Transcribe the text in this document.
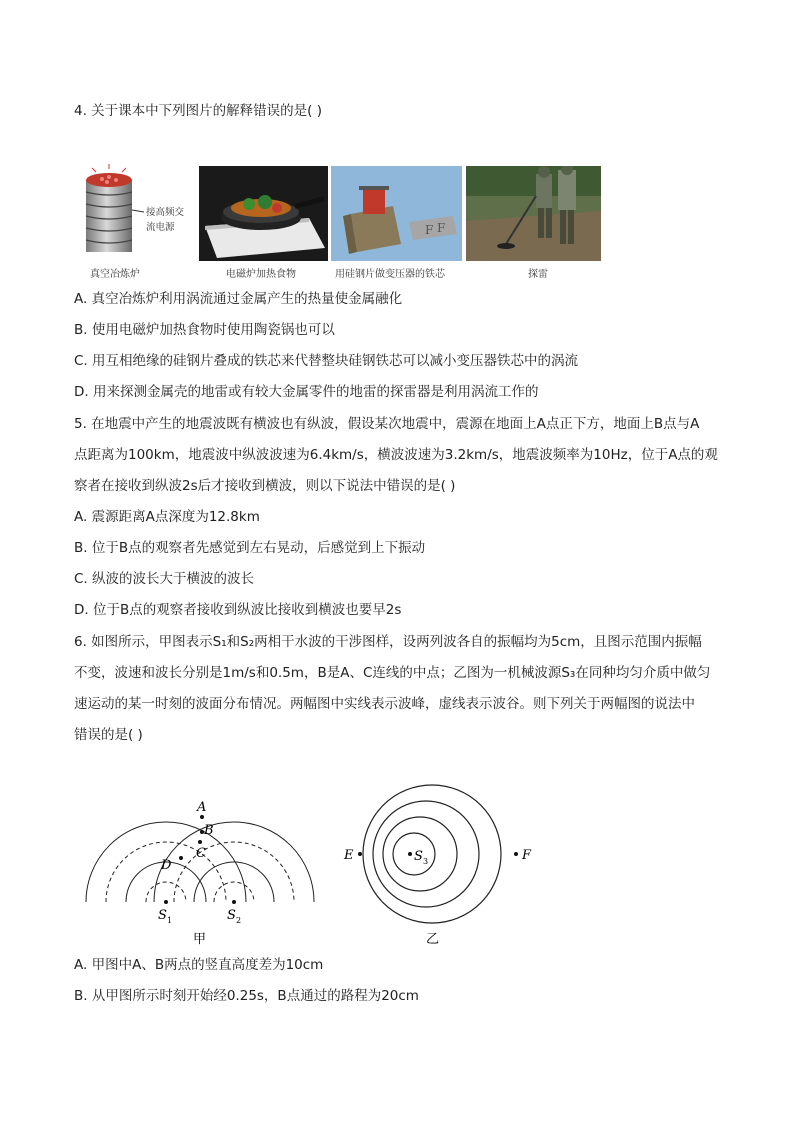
4. 关于课本中下列图片的解释错误的是( )
接高频交
流电源
真空冶炼炉	电磁炉加热食物
F F
用硅钢片做变压器的铁芯	探雷
A. 真空冶炼炉利用涡流通过金属产生的热量使金属融化
B. 使用电磁炉加热食物时使用陶瓷锅也可以
C. 用互相绝缘的硅钢片叠成的铁芯来代替整块硅钢铁芯可以减小变压器铁芯中的涡流
D. 用来探测金属壳的地雷或有较大金属零件的地雷的探雷器是利用涡流工作的
5. 在地震中产生的地震波既有横波也有纵波，假设某次地震中，震源在地面上A点正下方，地面上B点与A
点距离为100km，地震波中纵波波速为6.4km/s，横波波速为3.2km/s，地震波频率为10Hz，位于A点的观
察者在接收到纵波2s后才接收到横波，则以下说法中错误的是( )
A. 震源距离A点深度为12.8km
B. 位于B点的观察者先感觉到左右晃动，后感觉到上下振动
C. 纵波的波长大于横波的波长
D. 位于B点的观察者接收到纵波比接收到横波也要早2s
6. 如图所示，甲图表示S₁和S₂两相干水波的干涉图样，设两列波各自的振幅均为5cm，且图示范围内振幅
不变，波速和波长分别是1m/s和0.5m，B是A、C连线的中点；乙图为一机械波源S₃在同种均匀介质中做匀
速运动的某一时刻的波面分布情况。两幅图中实线表示波峰，虚线表示波谷。则下列关于两幅图的说法中
错误的是( )
A
B
C
D
S 1	S 2
甲
S 3
E	F
乙
A. 甲图中A、B两点的竖直高度差为10cm
B. 从甲图所示时刻开始经0.25s，B点通过的路程为20cm
